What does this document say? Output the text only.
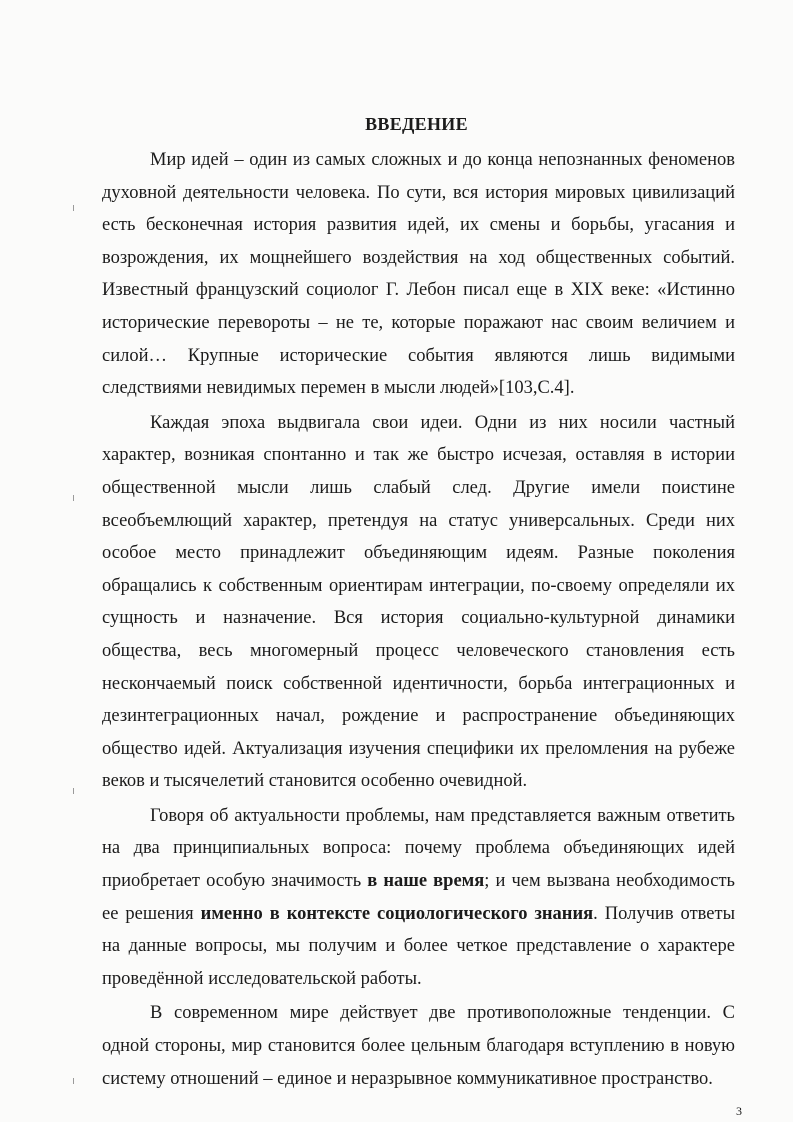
ВВЕДЕНИЕ

Мир идей – один из самых сложных и до конца непознанных феноменов духовной деятельности человека. По сути, вся история мировых цивилизаций есть бесконечная история развития идей, их смены и борьбы, угасания и возрождения, их мощнейшего воздействия на ход общественных событий. Известный французский социолог Г. Лебон писал еще в XIX веке: «Истинно исторические перевороты – не те, которые поражают нас своим величием и силой… Крупные исторические события являются лишь видимыми следствиями невидимых перемен в мысли людей»[103,С.4].

Каждая эпоха выдвигала свои идеи. Одни из них носили частный характер, возникая спонтанно и так же быстро исчезая, оставляя в истории общественной мысли лишь слабый след. Другие имели поистине всеобъемлющий характер, претендуя на статус универсальных. Среди них особое место принадлежит объединяющим идеям. Разные поколения обращались к собственным ориентирам интеграции, по-своему определяли их сущность и назначение. Вся история социально-культурной динамики общества, весь многомерный процесс человеческого становления есть нескончаемый поиск собственной идентичности, борьба интеграционных и дезинтеграционных начал, рождение и распространение объединяющих общество идей. Актуализация изучения специфики их преломления на рубеже веков и тысячелетий становится особенно очевидной.

Говоря об актуальности проблемы, нам представляется важным ответить на два принципиальных вопроса: почему проблема объединяющих идей приобретает особую значимость в наше время; и чем вызвана необходимость ее решения именно в контексте социологического знания. Получив ответы на данные вопросы, мы получим и более четкое представление о характере проведённой исследовательской работы.

В современном мире действует две противоположные тенденции. С одной стороны, мир становится более цельным благодаря вступлению в новую систему отношений – единое и неразрывное коммуникативное пространство.

3
